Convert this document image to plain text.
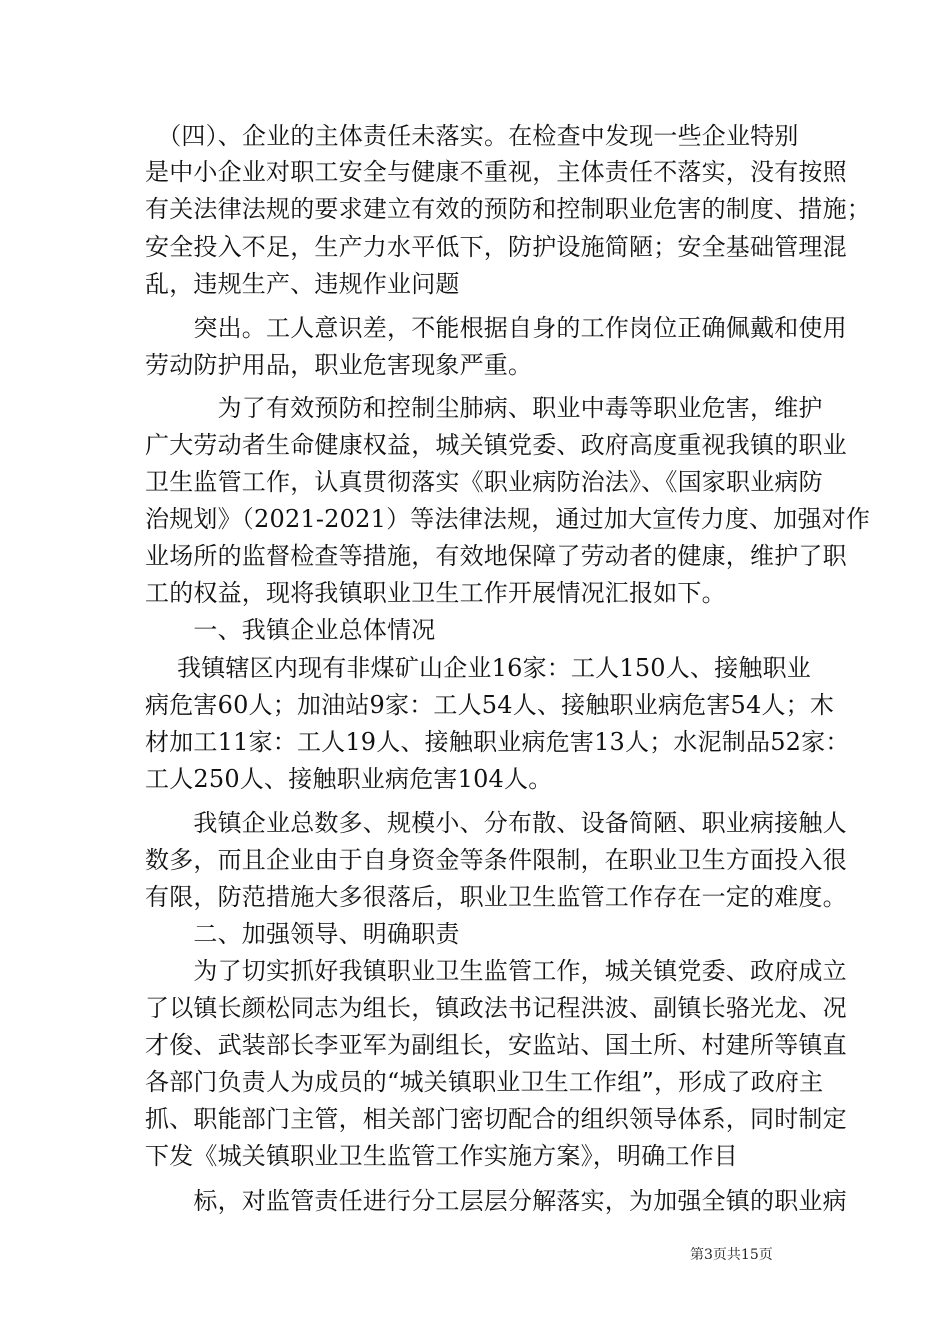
　（四）、企业的主体责任未落实。在检查中发现一些企业特别
是中小企业对职工安全与健康不重视，主体责任不落实，没有按照
有关法律法规的要求建立有效的预防和控制职业危害的制度、措施；
安全投入不足，生产力水平低下，防护设施简陋；安全基础管理混
乱，违规生产、违规作业问题
　　突出。工人意识差，不能根据自身的工作岗位正确佩戴和使用
劳动防护用品，职业危害现象严重。
　　　为了有效预防和控制尘肺病、职业中毒等职业危害，维护
广大劳动者生命健康权益，城关镇党委、政府高度重视我镇的职业
卫生监管工作，认真贯彻落实《职业病防治法》、《国家职业病防
治规划》（2021-2021）等法律法规，通过加大宣传力度、加强对作
业场所的监督检查等措施，有效地保障了劳动者的健康，维护了职
工的权益，现将我镇职业卫生工作开展情况汇报如下。
　　一、我镇企业总体情况
　 我镇辖区内现有非煤矿山企业16家：工人150人、接触职业
病危害60人；加油站9家：工人54人、接触职业病危害54人；木
材加工11家：工人19人、接触职业病危害13人；水泥制品52家：
工人250人、接触职业病危害104人。
　　我镇企业总数多、规模小、分布散、设备简陋、职业病接触人
数多，而且企业由于自身资金等条件限制，在职业卫生方面投入很
有限，防范措施大多很落后，职业卫生监管工作存在一定的难度。
　　二、加强领导、明确职责
　　为了切实抓好我镇职业卫生监管工作，城关镇党委、政府成立
了以镇长颜松同志为组长，镇政法书记程洪波、副镇长骆光龙、况
才俊、武装部长李亚军为副组长，安监站、国土所、村建所等镇直
各部门负责人为成员的“城关镇职业卫生工作组”，形成了政府主
抓、职能部门主管，相关部门密切配合的组织领导体系，同时制定
下发《城关镇职业卫生监管工作实施方案》，明确工作目
　　标，对监管责任进行分工层层分解落实，为加强全镇的职业病
第3页共15页
